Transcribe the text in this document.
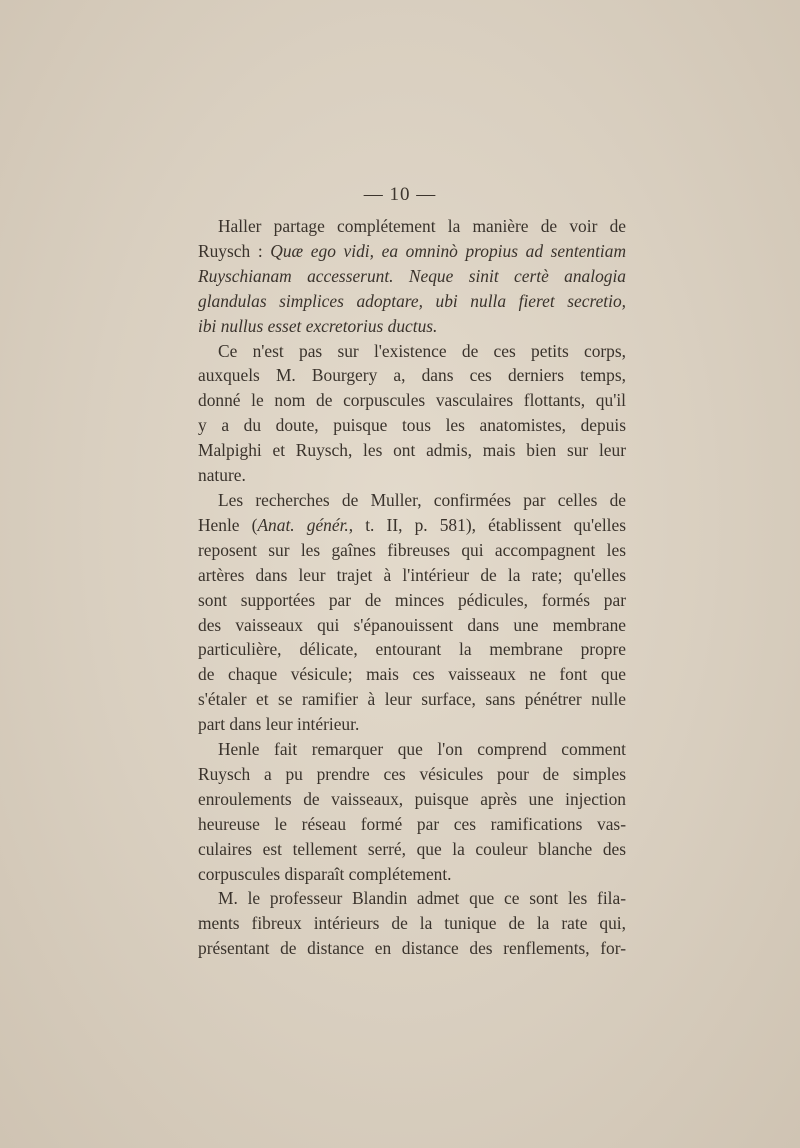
— 10 —
Haller partage complétement la manière de voir de
Ruysch : Quæ ego vidi, ea omninò propius ad sententiam
Ruyschianam accesserunt. Neque sinit certè analogia
glandulas simplices adoptare, ubi nulla fieret secretio,
ibi nullus esset excretorius ductus.
Ce n'est pas sur l'existence de ces petits corps,
auxquels M. Bourgery a, dans ces derniers temps,
donné le nom de corpuscules vasculaires flottants, qu'il
y a du doute, puisque tous les anatomistes, depuis
Malpighi et Ruysch, les ont admis, mais bien sur leur
nature.
Les recherches de Muller, confirmées par celles de
Henle (Anat. génér., t. II, p. 581), établissent qu'elles
reposent sur les gaînes fibreuses qui accompagnent les
artères dans leur trajet à l'intérieur de la rate; qu'elles
sont supportées par de minces pédicules, formés par
des vaisseaux qui s'épanouissent dans une membrane
particulière, délicate, entourant la membrane propre
de chaque vésicule; mais ces vaisseaux ne font que
s'étaler et se ramifier à leur surface, sans pénétrer nulle
part dans leur intérieur.
Henle fait remarquer que l'on comprend comment
Ruysch a pu prendre ces vésicules pour de simples
enroulements de vaisseaux, puisque après une injection
heureuse le réseau formé par ces ramifications vas-
culaires est tellement serré, que la couleur blanche des
corpuscules disparaît complétement.
M. le professeur Blandin admet que ce sont les fila-
ments fibreux intérieurs de la tunique de la rate qui,
présentant de distance en distance des renflements, for-
